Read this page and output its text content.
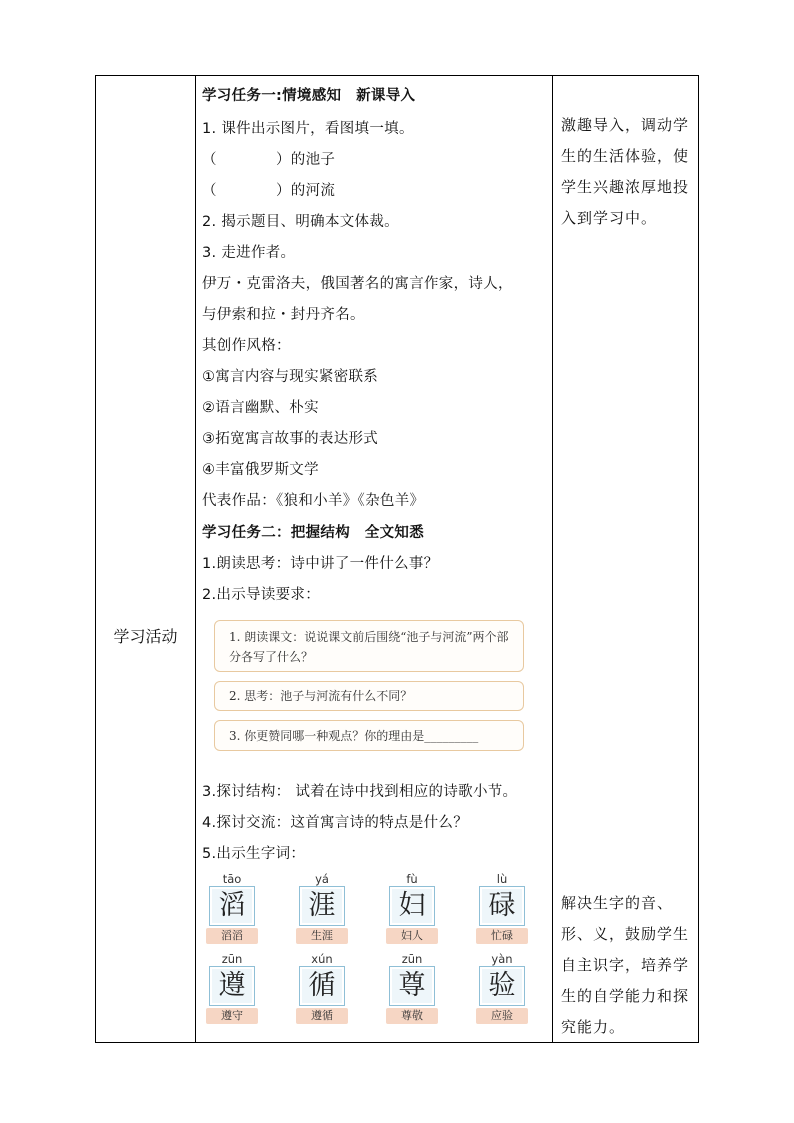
学习活动
学习任务一:情境感知　新课导入
1. 课件出示图片，看图填一填。
（　　　　）的池子
（　　　　）的河流
2. 揭示题目、明确本文体裁。
3. 走进作者。
伊万・克雷洛夫，俄国著名的寓言作家，诗人，
与伊索和拉・封丹齐名。
其创作风格：
①寓言内容与现实紧密联系
②语言幽默、朴实
③拓宽寓言故事的表达形式
④丰富俄罗斯文学
代表作品：《狼和小羊》《杂色羊》
学习任务二：把握结构　全文知悉
1.朗读思考：诗中讲了一件什么事？
2.出示导读要求：
1. 朗读课文：说说课文前后围绕“池子与河流”两个部分各写了什么？
2. 思考：池子与河流有什么不同？
3. 你更赞同哪一种观点？你的理由是_________
3.探讨结构： 试着在诗中找到相应的诗歌小节。
4.探讨交流：这首寓言诗的特点是什么？
5.出示生字词：
tāo
滔
滔滔
yá
涯
生涯
fù
妇
妇人
lù
碌
忙碌
zūn
遵
遵守
xún
循
遵循
zūn
尊
尊敬
yàn
验
应验
激趣导入，调动学生的生活体验，使学生兴趣浓厚地投入到学习中。
解决生字的音、形、义，鼓励学生自主识字，培养学生的自学能力和探究能力。
